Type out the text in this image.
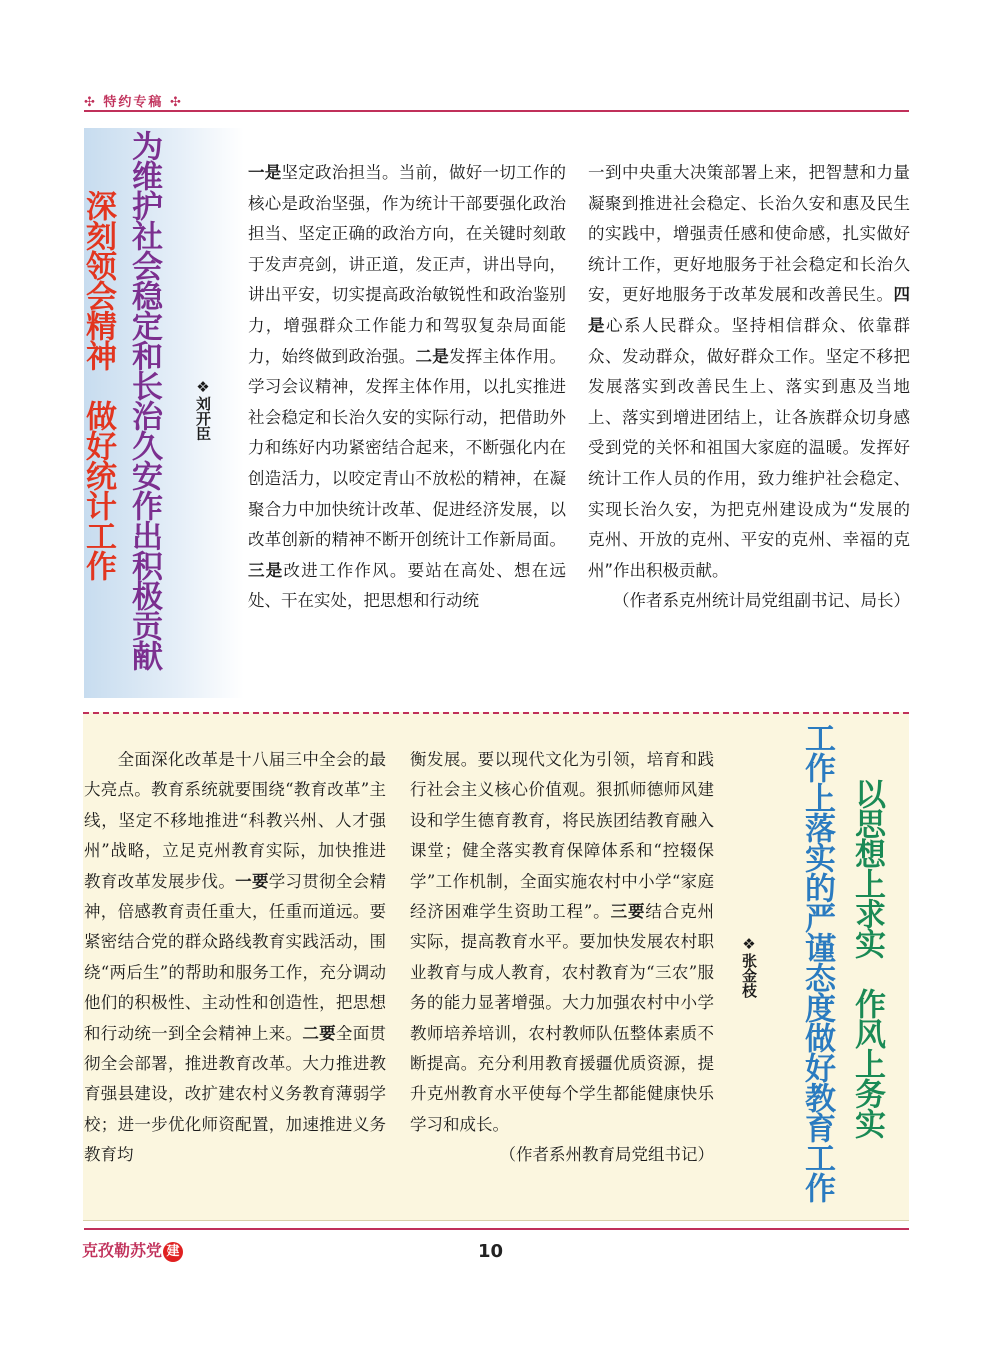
✣ 特约专稿 ✣
为维护社会稳定和长治久安作出积极贡献
深刻领会精神　做好统计工作	❖刘开臣

一是坚定政治担当。当前，做好一切工作的核心是政治坚强，作为统计干部要强化政治担当、坚定正确的政治方向，在关键时刻敢于发声亮剑，讲正道，发正声，讲出导向，讲出平安，切实提高政治敏锐性和政治鉴别力，增强群众工作能力和驾驭复杂局面能力，始终做到政治强。二是发挥主体作用。学习会议精神，发挥主体作用，以扎实推进社会稳定和长治久安的实际行动，把借助外力和练好内功紧密结合起来，不断强化内在创造活力，以咬定青山不放松的精神，在凝聚合力中加快统计改革、促进经济发展，以改革创新的精神不断开创统计工作新局面。三是改进工作作风。要站在高处、想在远处、干在实处，把思想和行动统

一到中央重大决策部署上来，把智慧和力量凝聚到推进社会稳定、长治久安和惠及民生的实践中，增强责任感和使命感，扎实做好统计工作，更好地服务于社会稳定和长治久安，更好地服务于改革发展和改善民生。四是心系人民群众。坚持相信群众、依靠群众、发动群众，做好群众工作。坚定不移把发展落实到改善民生上、落实到惠及当地上、落实到增进团结上，让各族群众切身感受到党的关怀和祖国大家庭的温暖。发挥好统计工作人员的作用，致力维护社会稳定、实现长治久安，为把克州建设成为“发展的克州、开放的克州、平安的克州、幸福的克州”作出积极贡献。

（作者系克州统计局党组副书记、局长）

　　全面深化改革是十八届三中全会的最大亮点。教育系统就要围绕“教育改革”主线，坚定不移地推进“科教兴州、人才强州”战略，立足克州教育实际，加快推进教育改革发展步伐。一要学习贯彻全会精神，倍感教育责任重大，任重而道远。要紧密结合党的群众路线教育实践活动，围绕“两后生”的帮助和服务工作，充分调动他们的积极性、主动性和创造性，把思想和行动统一到全会精神上来。二要全面贯彻全会部署，推进教育改革。大力推进教育强县建设，改扩建农村义务教育薄弱学校；进一步优化师资配置，加速推进义务教育均

衡发展。要以现代文化为引领，培育和践行社会主义核心价值观。狠抓师德师风建设和学生德育教育，将民族团结教育融入课堂；健全落实教育保障体系和“控辍保学”工作机制，全面实施农村中小学“家庭经济困难学生资助工程”。三要结合克州实际，提高教育水平。要加快发展农村职业教育与成人教育，农村教育为“三农”服务的能力显著增强。大力加强农村中小学教师培养培训，农村教师队伍整体素质不断提高。充分利用教育援疆优质资源，提升克州教育水平使每个学生都能健康快乐学习和成长。

（作者系州教育局党组书记）	工作上落实的严谨态度做好教育工作 以思想上求实　作风上务实
❖张金枝
克孜勒苏党 建	10
